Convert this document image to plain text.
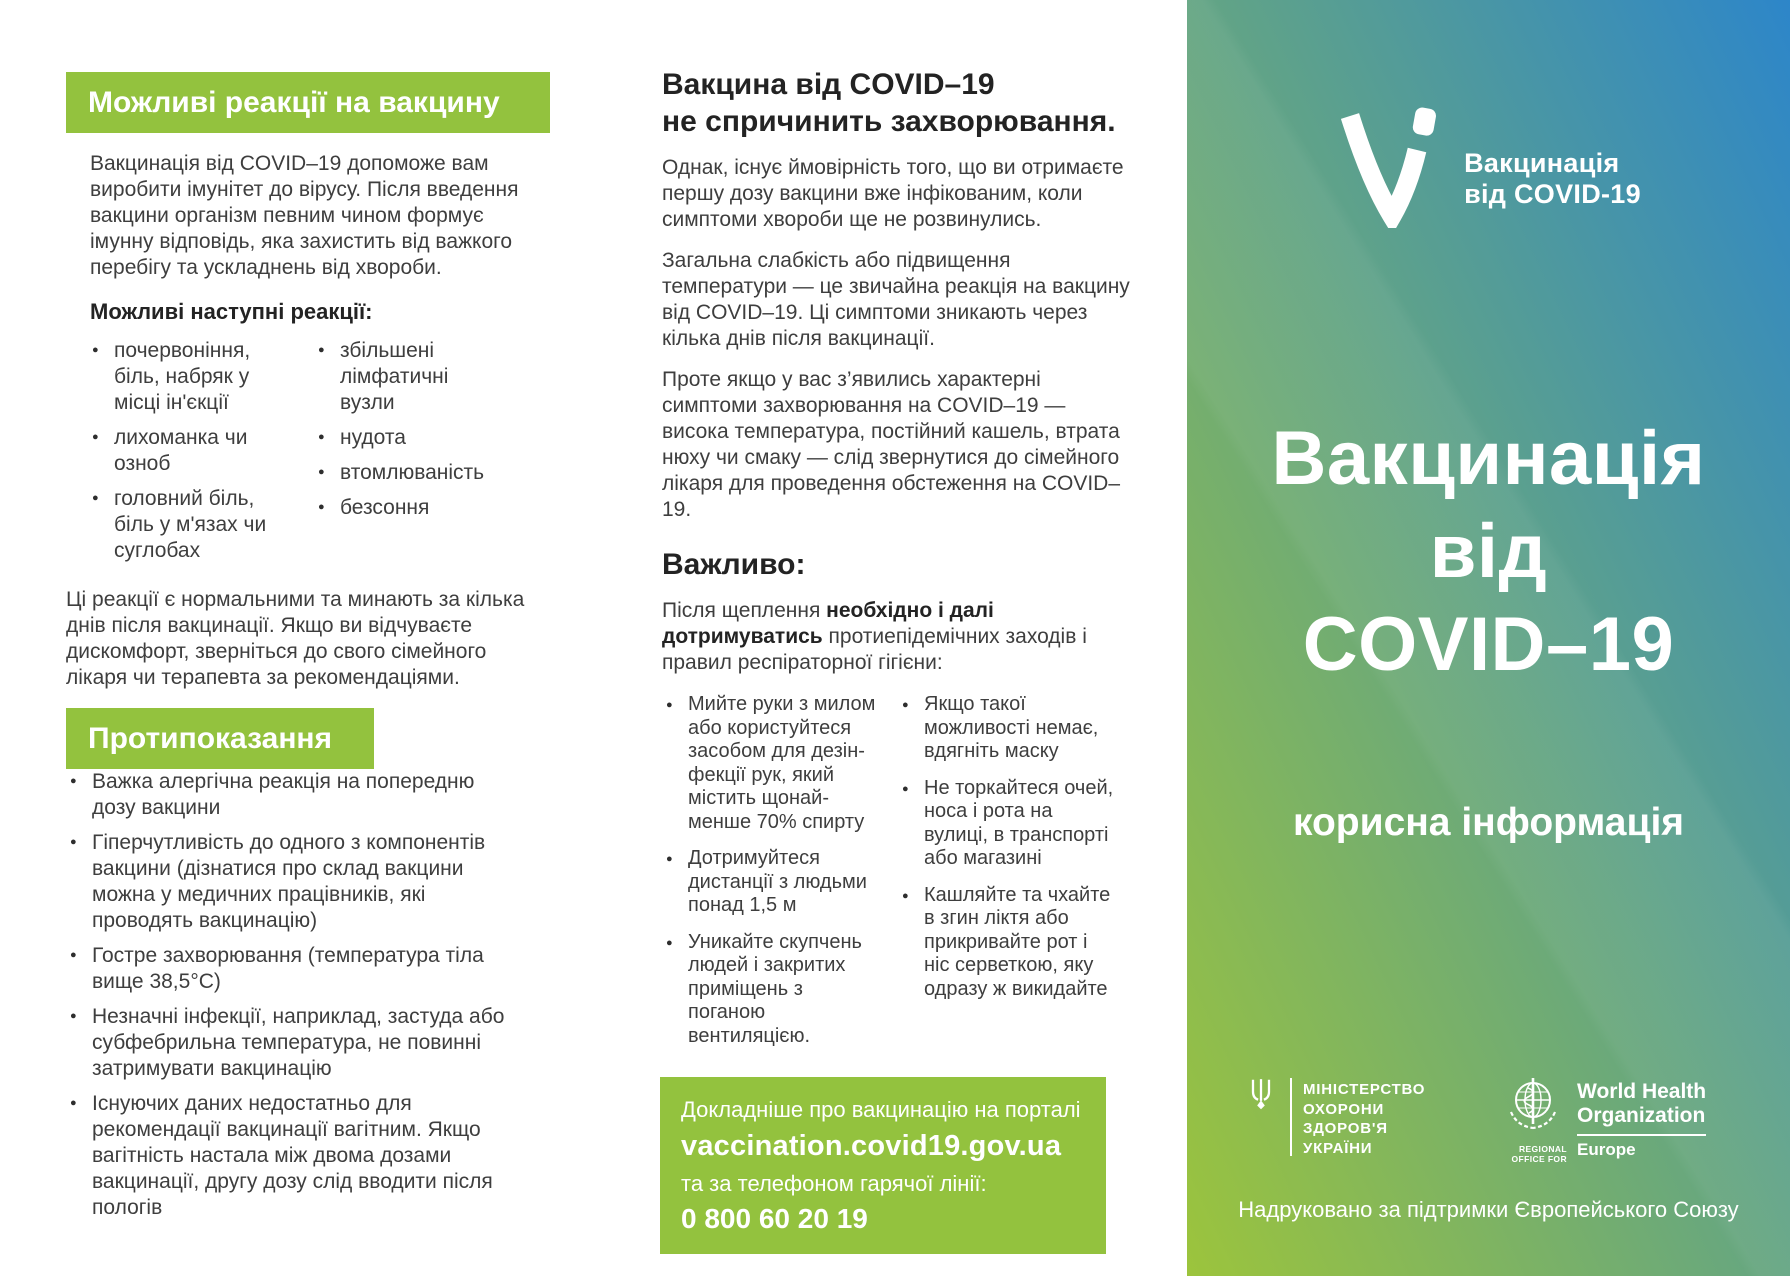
Можливі реакції на вакцину

Вакцинація від COVID–19 допоможе вам виробити імунітет до вірусу. Після введення вакцини організм певним чином формує імунну відповідь, яка захистить від важкого перебігу та ускладнень від хвороби.

Можливі наступні реакції:
● почервоніння, біль, набряк у місці ін'єкції
● лихоманка чи озноб
● головний біль, біль у м'язах чи суглобах
● збільшені лімфатичні вузли
● нудота
● втомлюваність
● безсоння

Ці реакції є нормальними та минають за кілька днів після вакцинації. Якщо ви відчуваєте дискомфорт, зверніться до свого сімейного лікаря чи терапевта за рекомендаціями.

Протипоказання
● Важка алергічна реакція на попередню дозу вакцини
● Гіперчутливість до одного з компонентів вакцини (дізнатися про склад вакцини можна у медичних працівників, які проводять вакцинацію)
● Гостре захворювання (температура тіла вище 38,5°С)
● Незначні інфекції, наприклад, застуда або субфебрильна температура, не повинні затримувати вакцинацію
● Існуючих даних недостатньо для рекомендації вакцинації вагітним. Якщо вагітність настала між двома дозами вакцинації, другу дозу слід вводити після пологів
Вакцина від COVID–19
не спричинить захворювання.

Однак, існує ймовірність того, що ви отримаєте першу дозу вакцини вже інфікованим, коли симптоми хвороби ще не розвинулись.

Загальна слабкість або підвищення температури — це звичайна реакція на вакцину від COVID–19. Ці симптоми зникають через кілька днів після вакцинації.

Проте якщо у вас з’явились характерні симптоми захворювання на COVID–19 — висока температура, постійний кашель, втрата нюху чи смаку — слід звернутися до сімейного лікаря для проведення обстеження на COVID–19.

Важливо:

Після щеплення необхідно і далі дотримуватись протиепідемічних заходів і правил респіраторної гігієни:

● Мийте руки з милом або користуйтеся засобом для дезін-фекції рук, який містить щонай-менше 70% спирту
● Дотримуйтеся дистанції з людьми понад 1,5 м
● Уникайте скупчень людей і закритих приміщень з поганою вентиляцією.
● Якщо такої можливості немає, вдягніть маску
● Не торкайтеся очей, носа і рота на вулиці, в транспорті або магазині
● Кашляйте та чхайте в згин ліктя або прикривайте рот і ніс серветкою, яку одразу ж викидайте
Докладніше про вакцинацію на порталі
vaccination.covid19.gov.ua
та за телефоном гарячої лінії:
0 800 60 20 19
Вакцинація
від COVID-19
Вакцинація
від
COVID–19
корисна інформація
МІНІСТЕРСТВО
ОХОРОНИ
ЗДОРОВ'Я
УКРАЇНИ
World Health
Organization
REGIONAL OFFICE FOR Europe
Надруковано за підтримки Європейського Союзу
